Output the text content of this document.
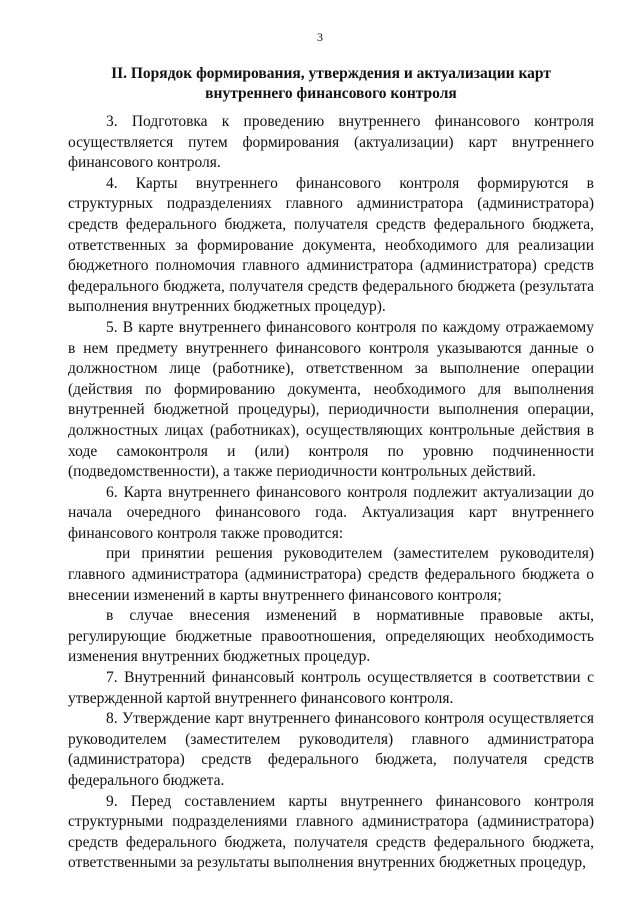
3
II. Порядок формирования, утверждения и актуализации карт
внутреннего финансового контроля

3. Подготовка к проведению внутреннего финансового контроля осуществляется путем формирования (актуализации) карт внутреннего финансового контроля.

4. Карты внутреннего финансового контроля формируются в структурных подразделениях главного администратора (администратора) средств федерального бюджета, получателя средств федерального бюджета, ответственных за формирование документа, необходимого для реализации бюджетного полномочия главного администратора (администратора) средств федерального бюджета, получателя средств федерального бюджета (результата выполнения внутренних бюджетных процедур).

5. В карте внутреннего финансового контроля по каждому отражаемому в нем предмету внутреннего финансового контроля указываются данные о должностном лице (работнике), ответственном за выполнение операции (действия по формированию документа, необходимого для выполнения внутренней бюджетной процедуры), периодичности выполнения операции, должностных лицах (работниках), осуществляющих контрольные действия в ходе самоконтроля и (или) контроля по уровню подчиненности (подведомственности), а также периодичности контрольных действий.

6. Карта внутреннего финансового контроля подлежит актуализации до начала очередного финансового года. Актуализация карт внутреннего финансового контроля также проводится:

при принятии решения руководителем (заместителем руководителя) главного администратора (администратора) средств федерального бюджета о внесении изменений в карты внутреннего финансового контроля;

в случае внесения изменений в нормативные правовые акты, регулирующие бюджетные правоотношения, определяющих необходимость изменения внутренних бюджетных процедур.

7. Внутренний финансовый контроль осуществляется в соответствии с утвержденной картой внутреннего финансового контроля.

8. Утверждение карт внутреннего финансового контроля осуществляется руководителем (заместителем руководителя) главного администратора (администратора) средств федерального бюджета, получателя средств федерального бюджета.

9. Перед составлением карты внутреннего финансового контроля структурными подразделениями главного администратора (администратора) средств федерального бюджета, получателя средств федерального бюджета, ответственными за результаты выполнения внутренних бюджетных процедур,
